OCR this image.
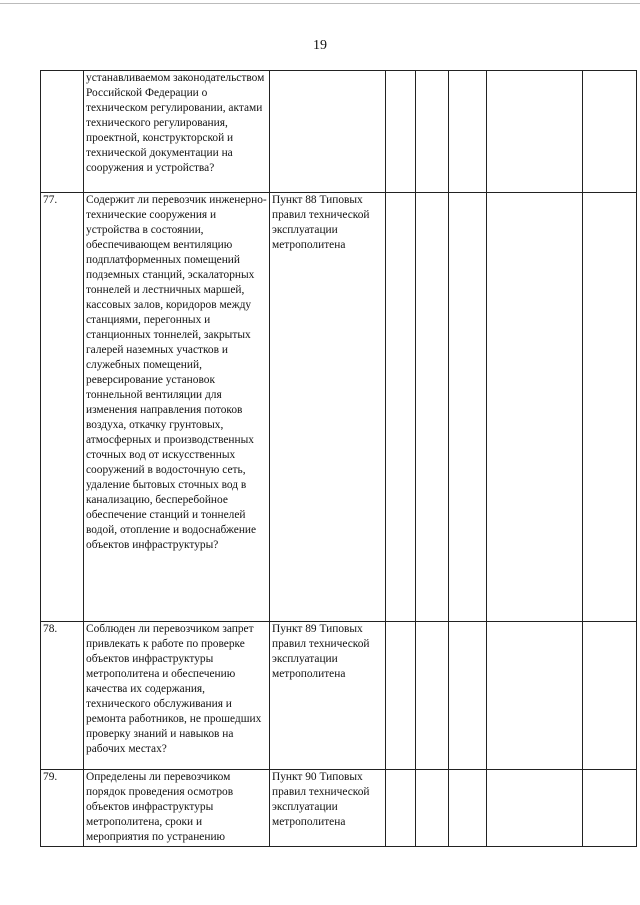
19
	устанавливаемом законодательством Российской Федерации о техническом регулировании, актами технического регулирования, проектной, конструкторской и технической документации на сооружения и устройства?						
77.	Содержит ли перевозчик инженерно-технические сооружения и устройства в состоянии, обеспечивающем вентиляцию подплатформенных помещений подземных станций, эскалаторных тоннелей и лестничных маршей, кассовых залов, коридоров между станциями, перегонных и станционных тоннелей, закрытых галерей наземных участков и служебных помещений, реверсирование установок тоннельной вентиляции для изменения направления потоков воздуха, откачку грунтовых, атмосферных и производственных сточных вод от искусственных сооружений в водосточную сеть, удаление бытовых сточных вод в канализацию, бесперебойное обеспечение станций и тоннелей водой, отопление и водоснабжение объектов инфраструктуры?	Пункт 88 Типовых правил технической эксплуатации метрополитена					
78.	Соблюден ли перевозчиком запрет привлекать к работе по проверке объектов инфраструктуры метрополитена и обеспечению качества их содержания, технического обслуживания и ремонта работников, не прошедших проверку знаний и навыков на рабочих местах?	Пункт 89 Типовых правил технической эксплуатации метрополитена					
79.	Определены ли перевозчиком порядок проведения осмотров объектов инфраструктуры метрополитена, сроки и мероприятия по устранению	Пункт 90 Типовых правил технической эксплуатации метрополитена					
